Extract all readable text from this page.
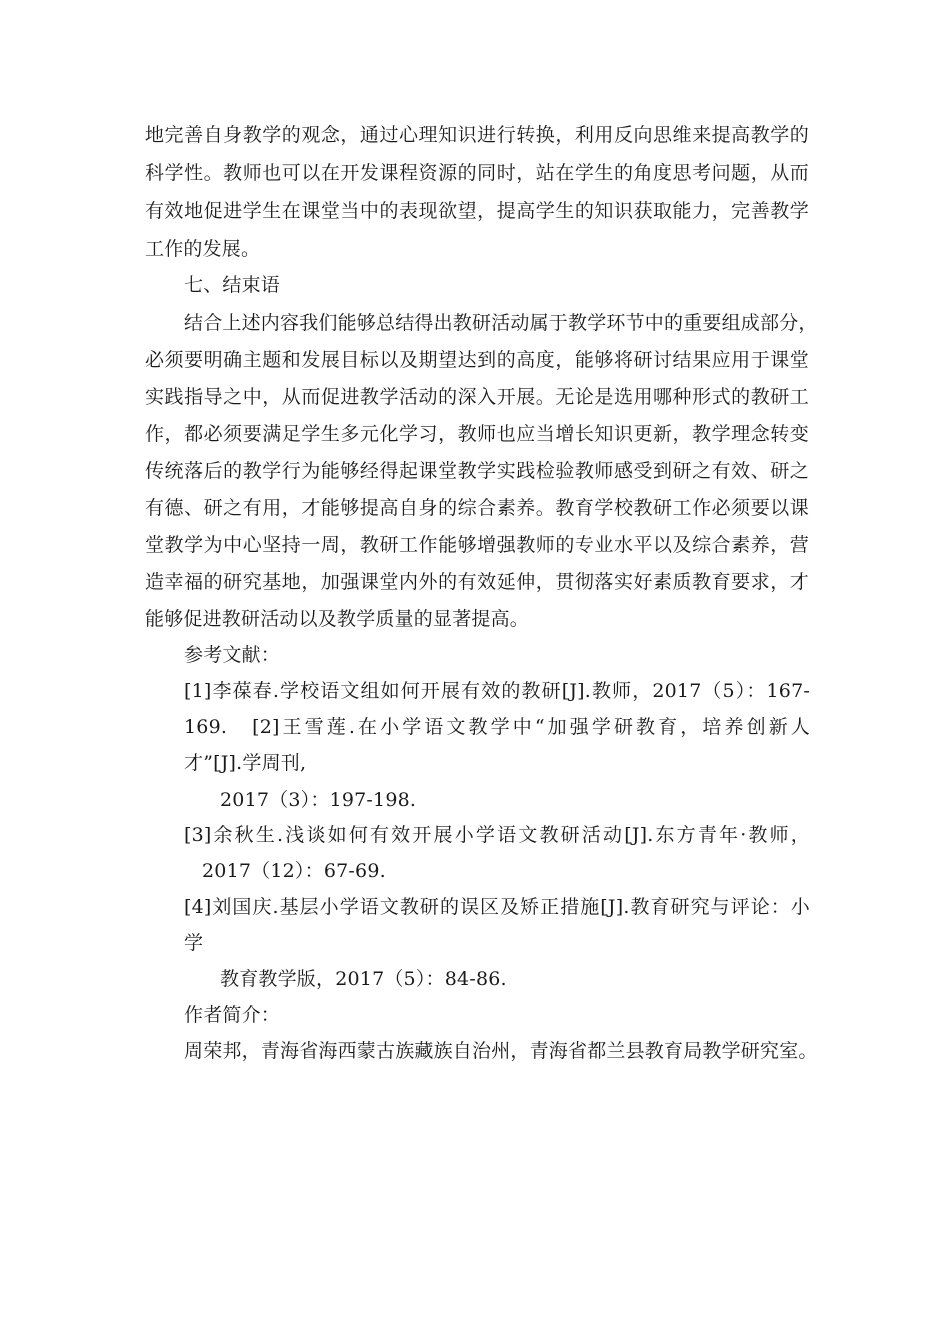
地完善自身教学的观念，通过心理知识进行转换，利用反向思维来提高教学的
科学性。教师也可以在开发课程资源的同时，站在学生的角度思考问题，从而
有效地促进学生在课堂当中的表现欲望，提高学生的知识获取能力，完善教学
工作的发展。
七、结束语
结合上述内容我们能够总结得出教研活动属于教学环节中的重要组成部分，
必须要明确主题和发展目标以及期望达到的高度，能够将研讨结果应用于课堂
实践指导之中，从而促进教学活动的深入开展。无论是选用哪种形式的教研工
作，都必须要满足学生多元化学习，教师也应当增长知识更新，教学理念转变
传统落后的教学行为能够经得起课堂教学实践检验教师感受到研之有效、研之
有德、研之有用，才能够提高自身的综合素养。教育学校教研工作必须要以课
堂教学为中心坚持一周，教研工作能够增强教师的专业水平以及综合素养，营
造幸福的研究基地，加强课堂内外的有效延伸，贯彻落实好素质教育要求，才
能够促进教研活动以及教学质量的显著提高。
参考文献：
[1]李葆春.学校语文组如何开展有效的教研[J].教师，2017（5）：167-
169.　[2]王雪莲.在小学语文教学中“加强学研教育，培养创新人
才”[J].学周刊,
2017（3）：197-198.
[3]余秋生.浅谈如何有效开展小学语文教研活动[J].东方青年·教师，
2017（12）：67-69.
[4]刘国庆.基层小学语文教研的误区及矫正措施[J].教育研究与评论：小
学
教育教学版，2017（5）：84-86.
作者简介：
周荣邦，青海省海西蒙古族藏族自治州，青海省都兰县教育局教学研究室。
